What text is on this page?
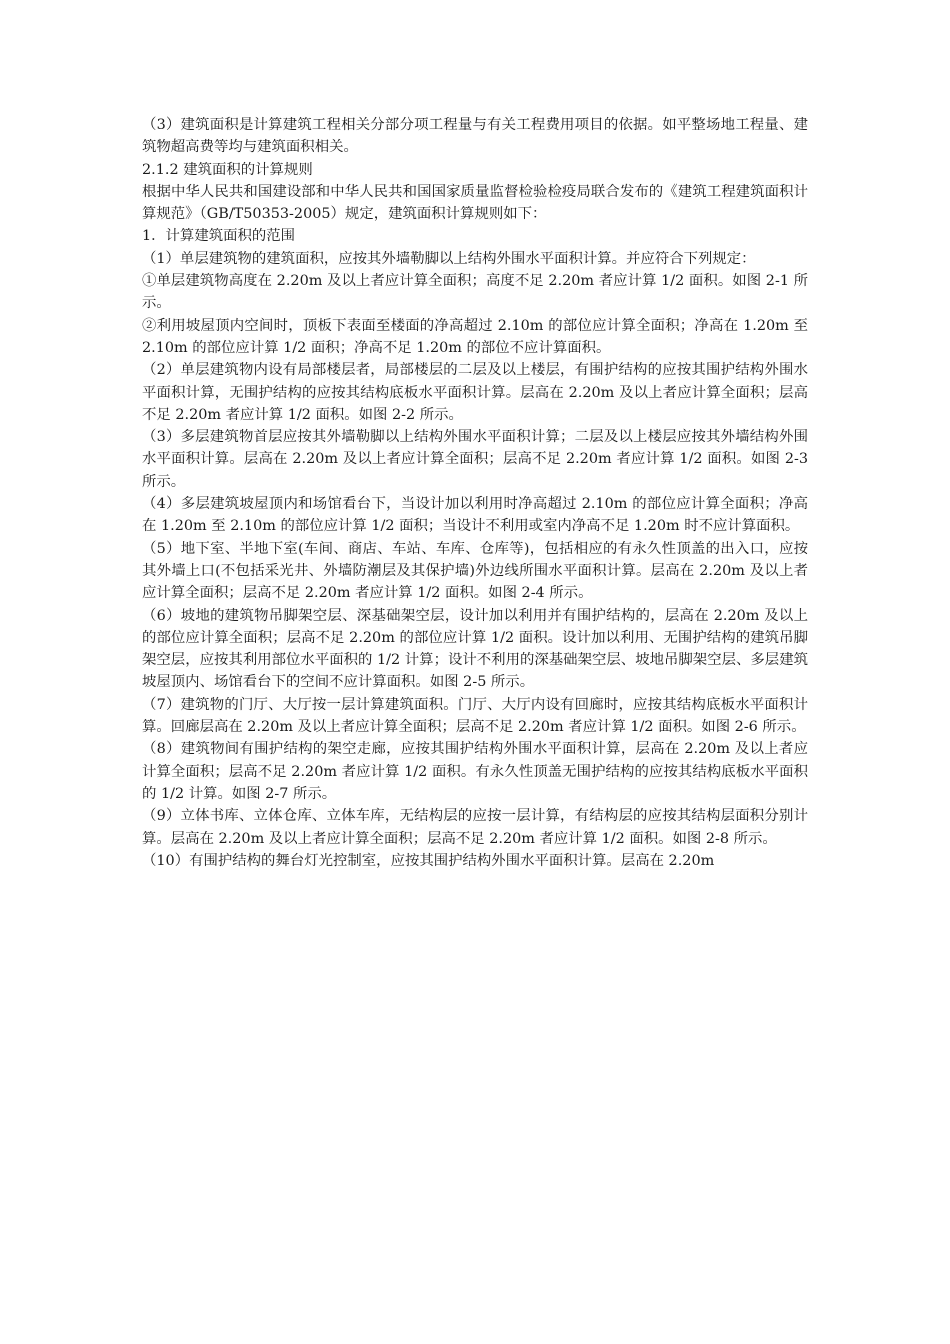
（3）建筑面积是计算建筑工程相关分部分项工程量与有关工程费用项目的依据。如平整场地工程量、建筑物超高费等均与建筑面积相关。

2.1.2 建筑面积的计算规则

根据中华人民共和国建设部和中华人民共和国国家质量监督检验检疫局联合发布的《建筑工程建筑面积计算规范》（GB/T50353-2005）规定，建筑面积计算规则如下：

1．计算建筑面积的范围

（1）单层建筑物的建筑面积，应按其外墙勒脚以上结构外围水平面积计算。并应符合下列规定：

①单层建筑物高度在 2.20m 及以上者应计算全面积；高度不足 2.20m 者应计算 1/2 面积。如图 2-1 所示。

②利用坡屋顶内空间时，顶板下表面至楼面的净高超过 2.10m 的部位应计算全面积；净高在 1.20m 至 2.10m 的部位应计算 1/2 面积；净高不足 1.20m 的部位不应计算面积。

（2）单层建筑物内设有局部楼层者，局部楼层的二层及以上楼层，有围护结构的应按其围护结构外围水平面积计算，无围护结构的应按其结构底板水平面积计算。层高在 2.20m 及以上者应计算全面积；层高不足 2.20m 者应计算 1/2 面积。如图 2-2 所示。

（3）多层建筑物首层应按其外墙勒脚以上结构外围水平面积计算；二层及以上楼层应按其外墙结构外围水平面积计算。层高在 2.20m 及以上者应计算全面积；层高不足 2.20m 者应计算 1/2 面积。如图 2-3 所示。

（4）多层建筑坡屋顶内和场馆看台下，当设计加以利用时净高超过 2.10m 的部位应计算全面积；净高在 1.20m 至 2.10m 的部位应计算 1/2 面积；当设计不利用或室内净高不足 1.20m 时不应计算面积。

（5）地下室、半地下室(车间、商店、车站、车库、仓库等)，包括相应的有永久性顶盖的出入口，应按其外墙上口(不包括采光井、外墙防潮层及其保护墙)外边线所围水平面积计算。层高在 2.20m 及以上者应计算全面积；层高不足 2.20m 者应计算 1/2 面积。如图 2-4 所示。

（6）坡地的建筑物吊脚架空层、深基础架空层，设计加以利用并有围护结构的，层高在 2.20m 及以上的部位应计算全面积；层高不足 2.20m 的部位应计算 1/2 面积。设计加以利用、无围护结构的建筑吊脚架空层，应按其利用部位水平面积的 1/2 计算；设计不利用的深基础架空层、坡地吊脚架空层、多层建筑坡屋顶内、场馆看台下的空间不应计算面积。如图 2-5 所示。

（7）建筑物的门厅、大厅按一层计算建筑面积。门厅、大厅内设有回廊时，应按其结构底板水平面积计算。回廊层高在 2.20m 及以上者应计算全面积；层高不足 2.20m 者应计算 1/2 面积。如图 2-6 所示。

（8）建筑物间有围护结构的架空走廊，应按其围护结构外围水平面积计算，层高在 2.20m 及以上者应计算全面积；层高不足 2.20m 者应计算 1/2 面积。有永久性顶盖无围护结构的应按其结构底板水平面积的 1/2 计算。如图 2-7 所示。

（9）立体书库、立体仓库、立体车库，无结构层的应按一层计算，有结构层的应按其结构层面积分别计算。层高在 2.20m 及以上者应计算全面积；层高不足 2.20m 者应计算 1/2 面积。如图 2-8 所示。

（10）有围护结构的舞台灯光控制室，应按其围护结构外围水平面积计算。层高在 2.20m
